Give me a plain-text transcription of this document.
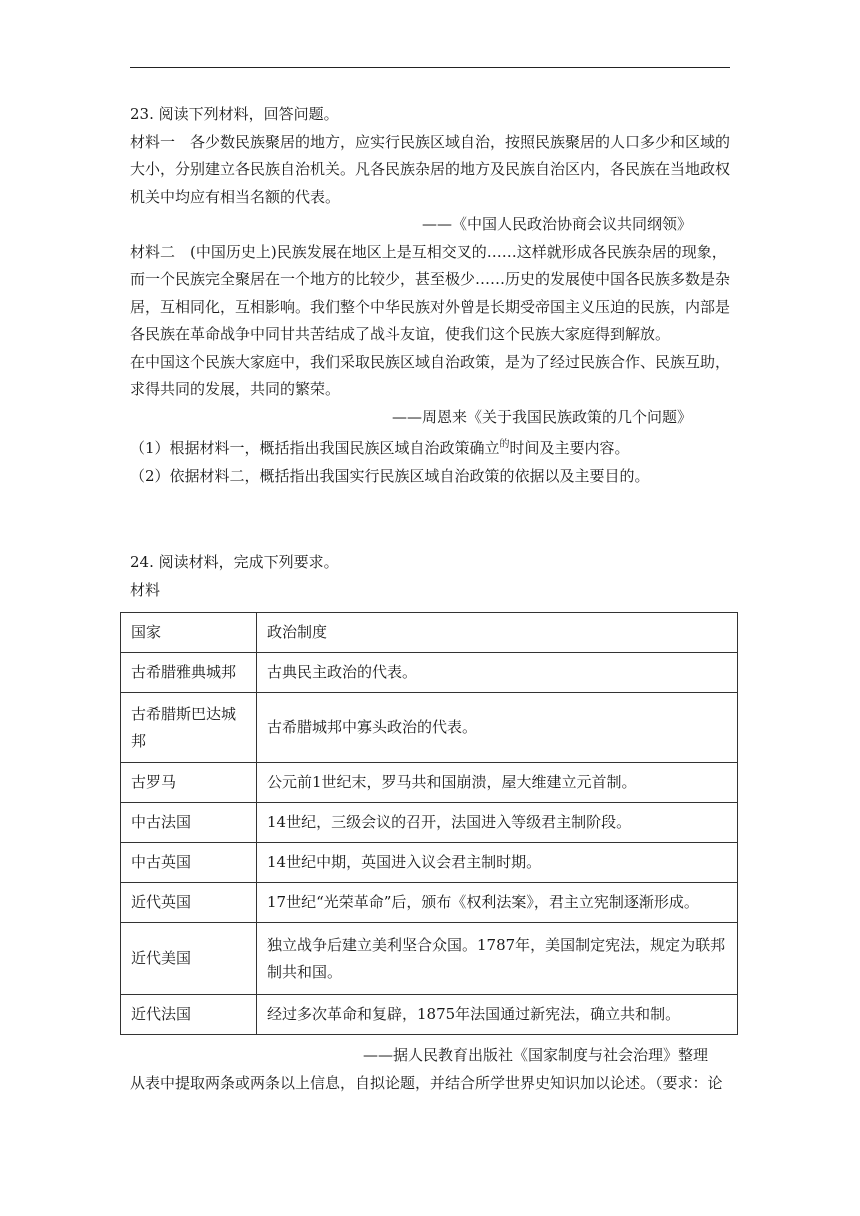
23. 阅读下列材料，回答问题。

材料一　各少数民族聚居的地方，应实行民族区域自治，按照民族聚居的人口多少和区域的

大小，分别建立各民族自治机关。凡各民族杂居的地方及民族自治区内，各民族在当地政权

机关中均应有相当名额的代表。

——《中国人民政治协商会议共同纲领》

材料二　(中国历史上)民族发展在地区上是互相交叉的……这样就形成各民族杂居的现象，

而一个民族完全聚居在一个地方的比较少，甚至极少……历史的发展使中国各民族多数是杂

居，互相同化，互相影响。我们整个中华民族对外曾是长期受帝国主义压迫的民族，内部是

各民族在革命战争中同甘共苦结成了战斗友谊，使我们这个民族大家庭得到解放。

在中国这个民族大家庭中，我们采取民族区域自治政策，是为了经过民族合作、民族互助，

求得共同的发展，共同的繁荣。

——周恩来《关于我国民族政策的几个问题》

（1）根据材料一，概括指出我国民族区域自治政策确立$^的$时间及主要内容。

（2）依据材料二，概括指出我国实行民族区域自治政策的依据以及主要目的。

24. 阅读材料，完成下列要求。

材料

国家	政治制度
古希腊雅典城邦	古典民主政治的代表。
古希腊斯巴达城邦	古希腊城邦中寡头政治的代表。
古罗马	公元前1世纪末，罗马共和国崩溃，屋大维建立元首制。
中古法国	14世纪，三级会议的召开，法国进入等级君主制阶段。
中古英国	14世纪中期，英国进入议会君主制时期。
近代英国	17世纪“光荣革命”后，颁布《权利法案》，君主立宪制逐渐形成。
近代美国	独立战争后建立美利坚合众国。1787年，美国制定宪法，规定为联邦制共和国。
近代法国	经过多次革命和复辟，1875年法国通过新宪法，确立共和制。

——据人民教育出版社《国家制度与社会治理》整理

从表中提取两条或两条以上信息，自拟论题，并结合所学世界史知识加以论述。（要求：论
